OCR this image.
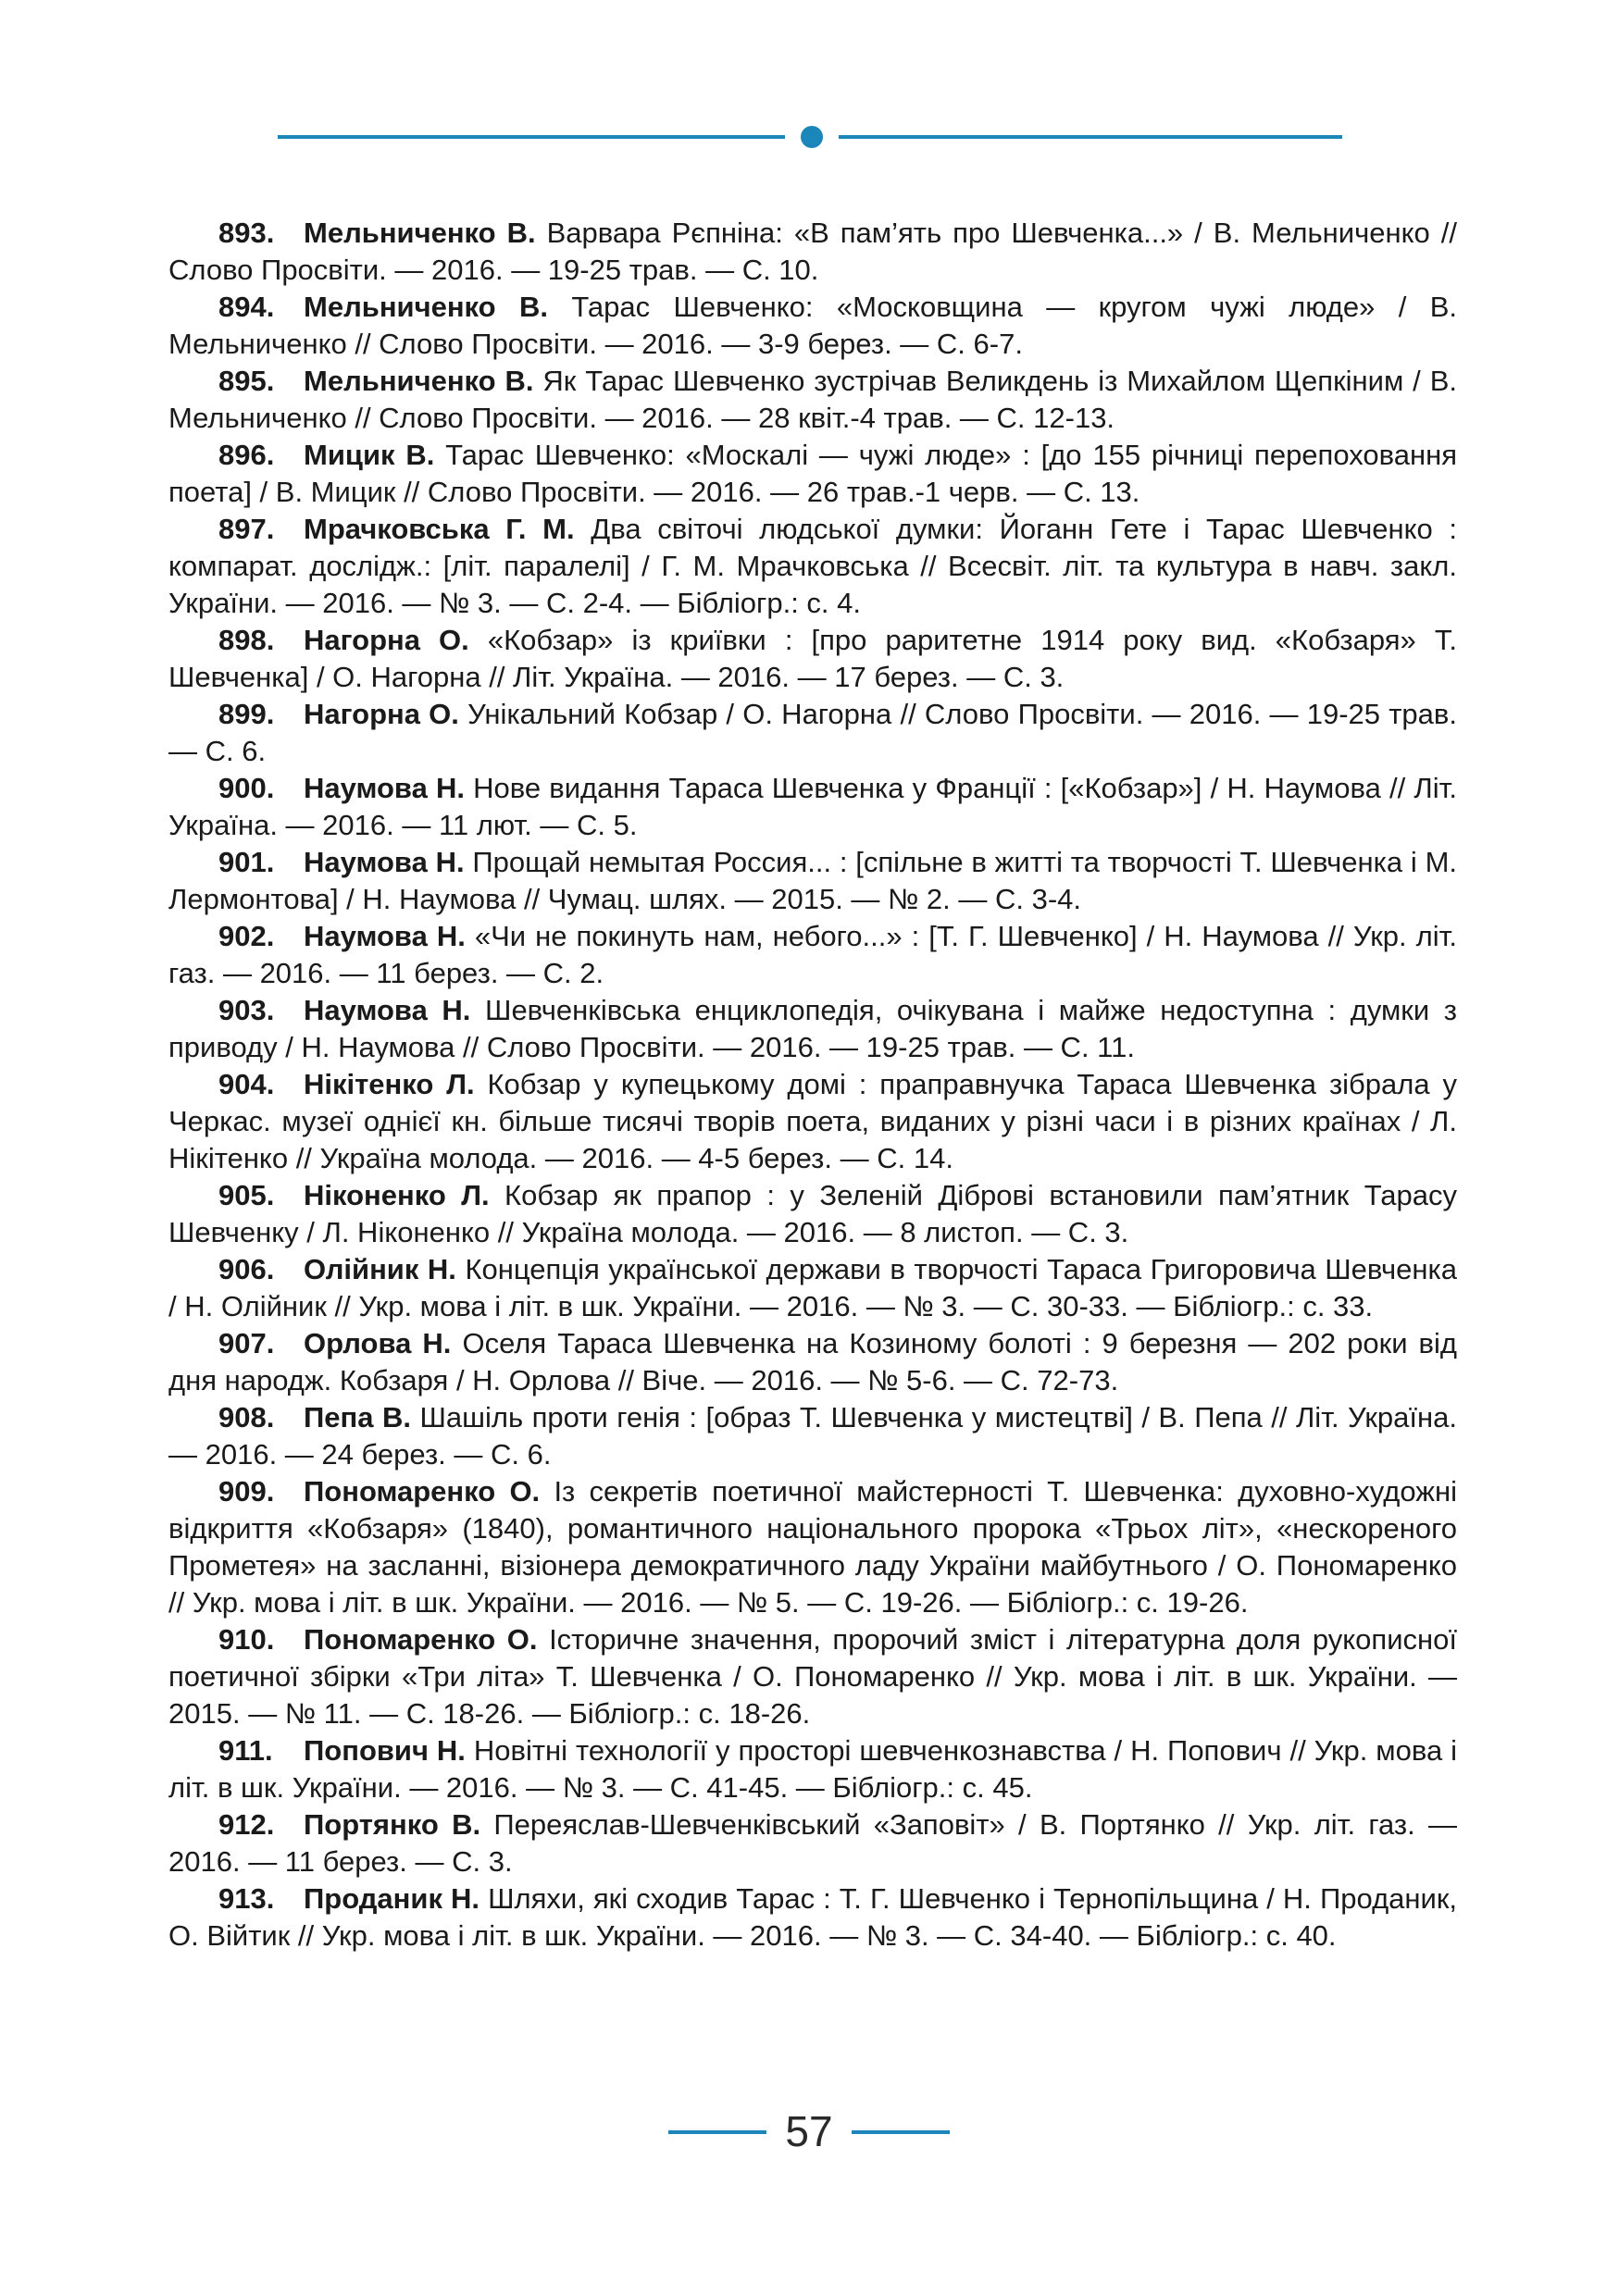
893. Мельниченко В. Варвара Рєпніна: «В пам’ять про Шевченка...» / В. Мельниченко // Слово Просвіти. — 2016. — 19-25 трав. — С. 10.

894. Мельниченко В. Тарас Шевченко: «Московщина — кругом чужі люде» / В. Мельниченко // Слово Просвіти. — 2016. — 3-9 берез. — С. 6-7.

895. Мельниченко В. Як Тарас Шевченко зустрічав Великдень із Михайлом Щепкіним / В. Мельниченко // Слово Просвіти. — 2016. — 28 квіт.-4 трав. — С. 12-13.

896. Мицик В. Тарас Шевченко: «Москалі — чужі люде» : [до 155 річниці перепоховання поета] / В. Мицик // Слово Просвіти. — 2016. — 26 трав.-1 черв. — С. 13.

897. Мрачковська Г. М. Два світочі людської думки: Йоганн Гете і Тарас Шевченко : компарат. дослідж.: [літ. паралелі] / Г. М. Мрачковська // Всесвіт. літ. та культура в навч. закл. України. — 2016. — № 3. — С. 2-4. — Бібліогр.: с. 4.

898. Нагорна О. «Кобзар» із криївки : [про раритетне 1914 року вид. «Кобзаря» Т. Шевченка] / О. Нагорна // Літ. Україна. — 2016. — 17 берез. — С. 3.

899. Нагорна О. Унікальний Кобзар / О. Нагорна // Слово Просвіти. — 2016. — 19-25 трав. — С. 6.

900. Наумова Н. Нове видання Тараса Шевченка у Франції : [«Кобзар»] / Н. Наумова // Літ. Україна. — 2016. — 11 лют. — С. 5.

901. Наумова Н. Прощай немытая Россия... : [спільне в житті та творчості Т. Шевченка і М. Лермонтова] / Н. Наумова // Чумац. шлях. — 2015. — № 2. — С. 3-4.

902. Наумова Н. «Чи не покинуть нам, небого...» : [Т. Г. Шевченко] / Н. Наумова // Укр. літ. газ. — 2016. — 11 берез. — С. 2.

903. Наумова Н. Шевченківська енциклопедія, очікувана і майже недоступна : думки з приводу / Н. Наумова // Слово Просвіти. — 2016. — 19-25 трав. — С. 11.

904. Нікітенко Л. Кобзар у купецькому домі : праправнучка Тараса Шевченка зібрала у Черкас. музеї однієї кн. більше тисячі творів поета, виданих у різні часи і в різних країнах / Л. Нікітенко // Україна молода. — 2016. — 4-5 берез. — С. 14.

905. Ніконенко Л. Кобзар як прапор : у Зеленій Діброві встановили пам’ятник Тарасу Шевченку / Л. Ніконенко // Україна молода. — 2016. — 8 листоп. — С. 3.

906. Олійник Н. Концепція української держави в творчості Тараса Григоровича Шевченка / Н. Олійник // Укр. мова і літ. в шк. України. — 2016. — № 3. — С. 30-33. — Бібліогр.: с. 33.

907. Орлова Н. Оселя Тараса Шевченка на Козиному болоті : 9 березня — 202 роки від дня народж. Кобзаря / Н. Орлова // Віче. — 2016. — № 5-6. — С. 72-73.

908. Пепа В. Шашіль проти генія : [образ Т. Шевченка у мистецтві] / В. Пепа // Літ. Україна. — 2016. — 24 берез. — С. 6.

909. Пономаренко О. Із секретів поетичної майстерності Т. Шевченка: духовно-художні відкриття «Кобзаря» (1840), романтичного національного пророка «Трьох літ», «нескореного Прометея» на засланні, візіонера демократичного ладу України майбутнього / О. Пономаренко // Укр. мова і літ. в шк. України. — 2016. — № 5. — С. 19-26. — Бібліогр.: с. 19-26.

910. Пономаренко О. Історичне значення, пророчий зміст і літературна доля рукописної поетичної збірки «Три літа» Т. Шевченка / О. Пономаренко // Укр. мова і літ. в шк. України. — 2015. — № 11. — С. 18-26. — Бібліогр.: с. 18-26.

911. Попович Н. Новітні технології у просторі шевченкознавства / Н. Попович // Укр. мова і літ. в шк. України. — 2016. — № 3. — С. 41-45. — Бібліогр.: с. 45.

912. Портянко В. Переяслав-Шевченківський «Заповіт» / В. Портянко // Укр. літ. газ. — 2016. — 11 берез. — С. 3.

913. Проданик Н. Шляхи, які сходив Тарас : Т. Г. Шевченко і Тернопільщина / Н. Проданик, О. Війтик // Укр. мова і літ. в шк. України. — 2016. — № 3. — С. 34-40. — Бібліогр.: с. 40.

57
